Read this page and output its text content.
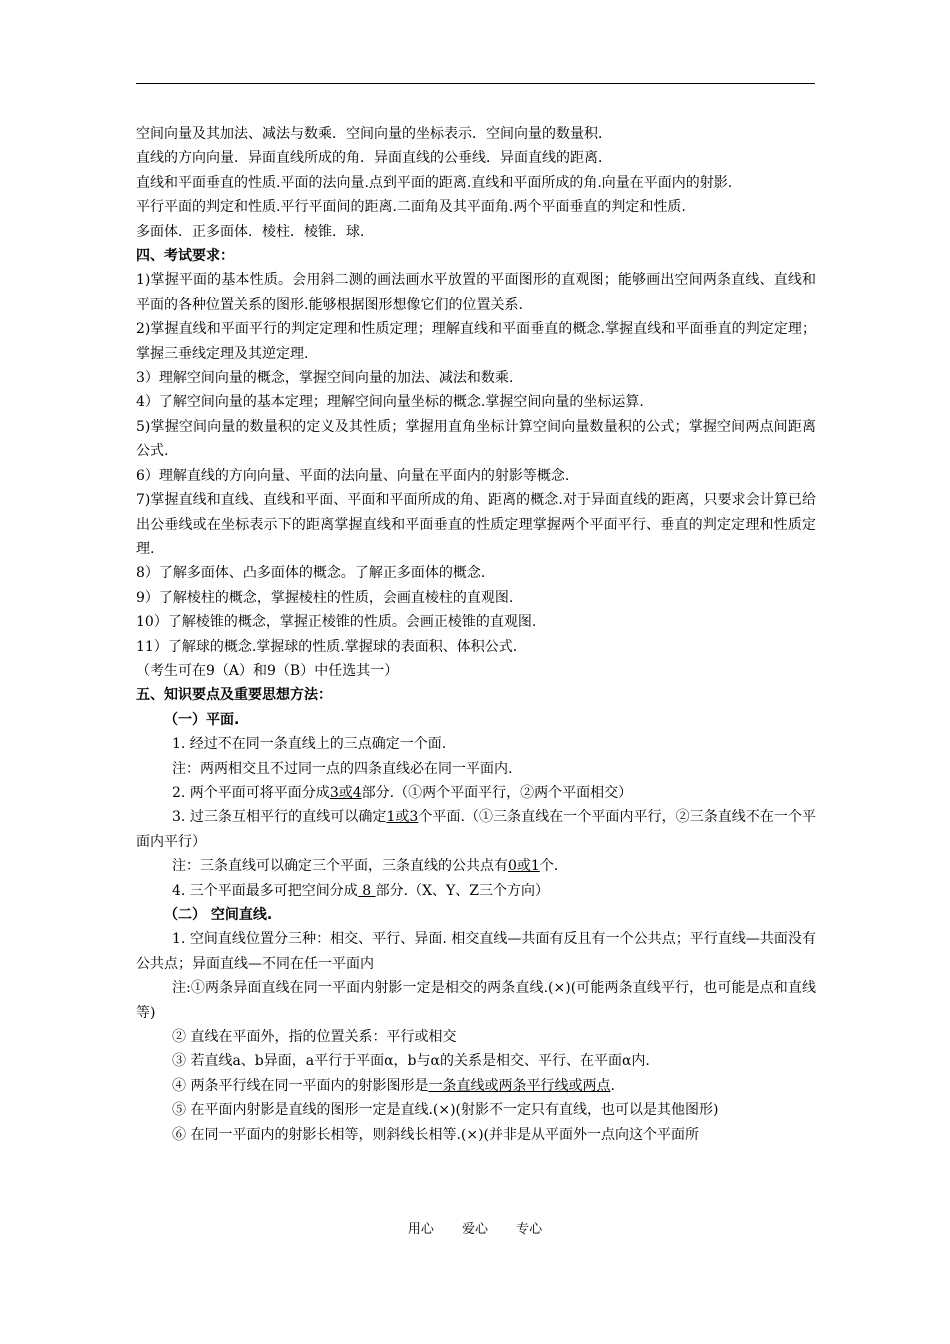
空间向量及其加法、减法与数乘．空间向量的坐标表示．空间向量的数量积．

直线的方向向量．异面直线所成的角．异面直线的公垂线．异面直线的距离．

直线和平面垂直的性质.平面的法向量.点到平面的距离.直线和平面所成的角.向量在平面内的射影.

平行平面的判定和性质.平行平面间的距离.二面角及其平面角.两个平面垂直的判定和性质.

多面体．正多面体．棱柱．棱锥．球．

四、考试要求：

1)掌握平面的基本性质。会用斜二测的画法画水平放置的平面图形的直观图；能够画出空间两条直线、直线和平面的各种位置关系的图形.能够根据图形想像它们的位置关系.

2)掌握直线和平面平行的判定定理和性质定理；理解直线和平面垂直的概念.掌握直线和平面垂直的判定定理；掌握三垂线定理及其逆定理.

3）理解空间向量的概念，掌握空间向量的加法、减法和数乘.

4）了解空间向量的基本定理；理解空间向量坐标的概念.掌握空间向量的坐标运算.

5)掌握空间向量的数量积的定义及其性质；掌握用直角坐标计算空间向量数量积的公式；掌握空间两点间距离公式.

6）理解直线的方向向量、平面的法向量、向量在平面内的射影等概念.

7)掌握直线和直线、直线和平面、平面和平面所成的角、距离的概念.对于异面直线的距离，只要求会计算已给出公垂线或在坐标表示下的距离掌握直线和平面垂直的性质定理掌握两个平面平行、垂直的判定定理和性质定理.

8）了解多面体、凸多面体的概念。了解正多面体的概念.

9）了解棱柱的概念，掌握棱柱的性质，会画直棱柱的直观图.

10）了解棱锥的概念，掌握正棱锥的性质。会画正棱锥的直观图.

11）了解球的概念.掌握球的性质.掌握球的表面积、体积公式.

（考生可在9（A）和9（B）中任选其一）

五、知识要点及重要思想方法：

（一）平面.

1. 经过不在同一条直线上的三点确定一个面.

注：两两相交且不过同一点的四条直线必在同一平面内.

2. 两个平面可将平面分成3或4部分.（①两个平面平行，②两个平面相交）

3. 过三条互相平行的直线可以确定1或3个平面.（①三条直线在一个平面内平行，②三条直线不在一个平面内平行）

注：三条直线可以确定三个平面，三条直线的公共点有0或1个.

4. 三个平面最多可把空间分成 8 部分.（X、Y、Z三个方向）

（二） 空间直线.

1. 空间直线位置分三种：相交、平行、异面. 相交直线—共面有反且有一个公共点；平行直线—共面没有公共点；异面直线—不同在任一平面内

注:①两条异面直线在同一平面内射影一定是相交的两条直线.(×)(可能两条直线平行，也可能是点和直线等)

② 直线在平面外，指的位置关系：平行或相交

③ 若直线a、b异面，a平行于平面α，b与α的关系是相交、平行、在平面α内.

④ 两条平行线在同一平面内的射影图形是一条直线或两条平行线或两点.

⑤ 在平面内射影是直线的图形一定是直线.(×)(射影不一定只有直线，也可以是其他图形)

⑥ 在同一平面内的射影长相等，则斜线长相等.(×)(并非是从平面外一点向这个平面所

用心 爱心 专心
